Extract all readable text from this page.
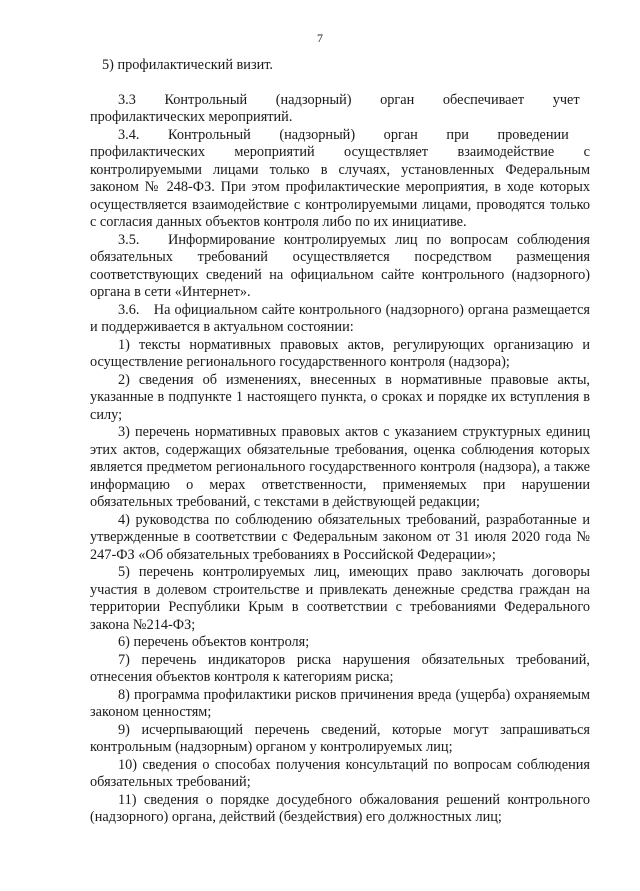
7

5) профилактический визит.

3.3  Контрольный  (надзорный)  орган  обеспечивает  учет профилактических мероприятий.

3.4.  Контрольный  (надзорный)  орган  при  проведении профилактических мероприятий осуществляет взаимодействие с контролируемыми лицами только в случаях, установленных Федеральным законом № 248-ФЗ. При этом профилактические мероприятия, в ходе которых осуществляется взаимодействие с контролируемыми лицами, проводятся только с согласия данных объектов контроля либо по их инициативе.

3.5.  Информирование контролируемых лиц по вопросам соблюдения обязательных требований осуществляется посредством размещения соответствующих сведений на официальном сайте контрольного (надзорного) органа в сети «Интернет».

3.6. На официальном сайте контрольного (надзорного) органа размещается и поддерживается в актуальном состоянии:

1) тексты нормативных правовых актов, регулирующих организацию и осуществление регионального государственного контроля (надзора);

2) сведения об изменениях, внесенных в нормативные правовые акты, указанные в подпункте 1 настоящего пункта, о сроках и порядке их вступления в силу;

3) перечень нормативных правовых актов с указанием структурных единиц этих актов, содержащих обязательные требования, оценка соблюдения которых является предметом регионального государственного контроля (надзора), а также информацию о мерах ответственности, применяемых при нарушении обязательных требований, с текстами в действующей редакции;

4) руководства по соблюдению обязательных требований, разработанные и утвержденные в соответствии с Федеральным законом от 31 июля 2020 года № 247-ФЗ «Об обязательных требованиях в Российской Федерации»;

5) перечень контролируемых лиц, имеющих право заключать договоры участия в долевом строительстве и привлекать денежные средства граждан на территории Республики Крым в соответствии с требованиями Федерального закона №214-ФЗ;

6) перечень объектов контроля;

7) перечень индикаторов риска нарушения обязательных требований, отнесения объектов контроля к категориям риска;

8) программа профилактики рисков причинения вреда (ущерба) охраняемым законом ценностям;

9) исчерпывающий перечень сведений, которые могут запрашиваться контрольным (надзорным) органом у контролируемых лиц;

10) сведения о способах получения консультаций по вопросам соблюдения обязательных требований;

11) сведения о порядке досудебного обжалования решений контрольного (надзорного) органа, действий (бездействия) его должностных лиц;
